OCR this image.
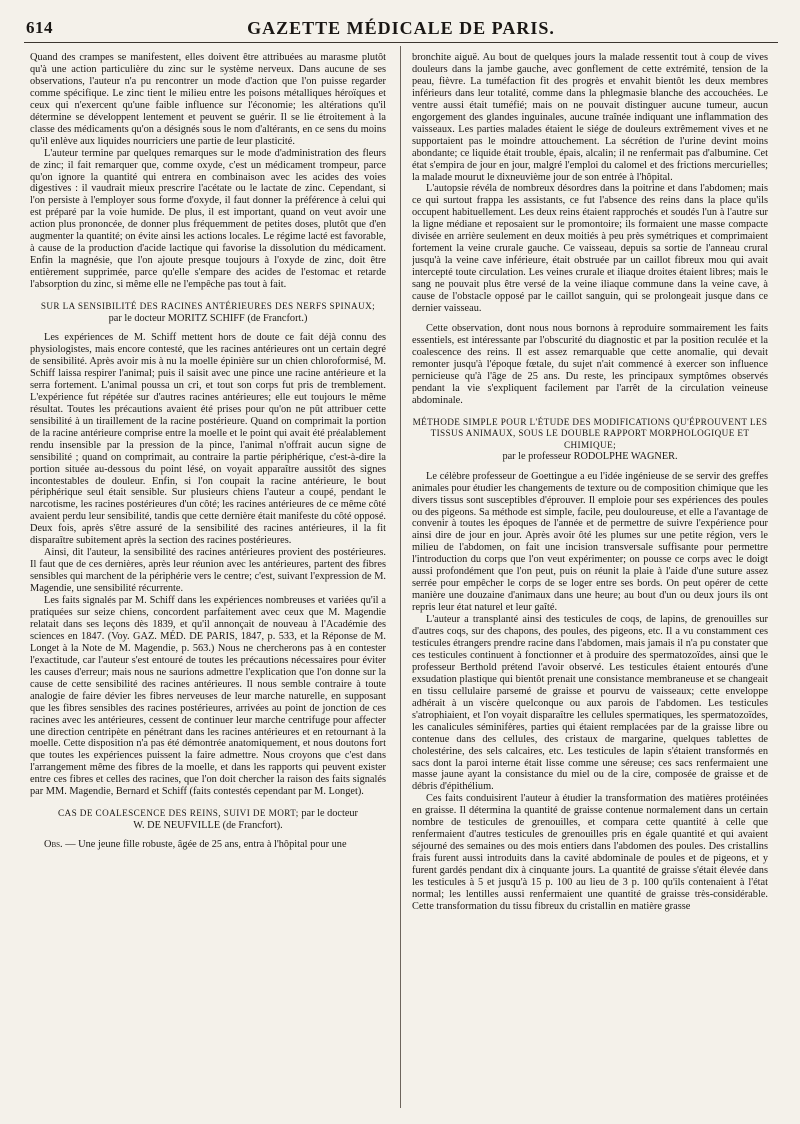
614	GAZETTE MÉDICALE DE PARIS.

Quand des crampes se manifestent, elles doivent être attribuées au marasme plutôt qu'à une action particulière du zinc sur le système nerveux. Dans aucune de ses observations, l'auteur n'a pu rencontrer un mode d'action que l'on puisse regarder comme spécifique. Le zinc tient le milieu entre les poisons métalliques héroïques et ceux qui n'exercent qu'une faible influence sur l'économie; les altérations qu'il détermine se développent lentement et peuvent se guérir. Il se lie étroitement à la classe des médicaments qu'on a désignés sous le nom d'altérants, en ce sens du moins qu'il enlève aux liquides nourriciers une partie de leur plasticité.

L'auteur termine par quelques remarques sur le mode d'administration des fleurs de zinc; il fait remarquer que, comme oxyde, c'est un médicament trompeur, parce qu'on ignore la quantité qui entrera en combinaison avec les acides des voies digestives : il vaudrait mieux prescrire l'acétate ou le lactate de zinc. Cependant, si l'on persiste à l'employer sous forme d'oxyde, il faut donner la préférence à celui qui est préparé par la voie humide. De plus, il est important, quand on veut avoir une action plus prononcée, de donner plus fréquemment de petites doses, plutôt que d'en augmenter la quantité; on évite ainsi les actions locales. Le régime lacté est favorable, à cause de la production d'acide lactique qui favorise la dissolution du médicament. Enfin la magnésie, que l'on ajoute presque toujours à l'oxyde de zinc, doit être entièrement supprimée, parce qu'elle s'empare des acides de l'estomac et retarde l'absorption du zinc, si même elle ne l'empêche pas tout à fait.

SUR LA SENSIBILITÉ DES RACINES ANTÉRIEURES DES NERFS SPINAUX;
par le docteur MORITZ SCHIFF (de Francfort.)

Les expériences de M. Schiff mettent hors de doute ce fait déjà connu des physiologistes, mais encore contesté, que les racines antérieures ont un certain degré de sensibilité. Après avoir mis à nu la moelle épinière sur un chien chloroformisé, M. Schiff laissa respirer l'animal; puis il saisit avec une pince une racine antérieure et la serra fortement. L'animal poussa un cri, et tout son corps fut pris de tremblement. L'expérience fut répétée sur d'autres racines antérieures; elle eut toujours le même résultat. Toutes les précautions avaient été prises pour qu'on ne pût attribuer cette sensibilité à un tiraillement de la racine postérieure. Quand on comprimait la portion de la racine antérieure comprise entre la moelle et le point qui avait été préalablement rendu insensible par la pression de la pince, l'animal n'offrait aucun signe de sensibilité ; quand on comprimait, au contraire la partie périphérique, c'est-à-dire la portion située au-dessous du point lésé, on voyait apparaître aussitôt des signes incontestables de douleur. Enfin, si l'on coupait la racine antérieure, le bout périphérique seul était sensible. Sur plusieurs chiens l'auteur a coupé, pendant le narcotisme, les racines postérieures d'un côté; les racines antérieures de ce même côté avaient perdu leur sensibilité, tandis que cette dernière était manifeste du côté opposé. Deux fois, après s'être assuré de la sensibilité des racines antérieures, il la fit disparaître subitement après la section des racines postérieures.

Ainsi, dit l'auteur, la sensibilité des racines antérieures provient des postérieures. Il faut que de ces dernières, après leur réunion avec les antérieures, partent des fibres sensibles qui marchent de la périphérie vers le centre; c'est, suivant l'expression de M. Magendie, une sensibilité récurrente.

Les faits signalés par M. Schiff dans les expériences nombreuses et variées qu'il a pratiquées sur seize chiens, concordent parfaitement avec ceux que M. Magendie relatait dans ses leçons dès 1839, et qu'il annonçait de nouveau à l'Académie des sciences en 1847. (Voy. GAZ. MÉD. DE PARIS, 1847, p. 533, et la Réponse de M. Longet à la Note de M. Magendie, p. 563.) Nous ne chercherons pas à en contester l'exactitude, car l'auteur s'est entouré de toutes les précautions nécessaires pour éviter les causes d'erreur; mais nous ne saurions admettre l'explication que l'on donne sur la cause de cette sensibilité des racines antérieures. Il nous semble contraire à toute analogie de faire dévier les fibres nerveuses de leur marche naturelle, en supposant que les fibres sensibles des racines postérieures, arrivées au point de jonction de ces racines avec les antérieures, cessent de continuer leur marche centrifuge pour affecter une direction centripète en pénétrant dans les racines antérieures et en retournant à la moelle. Cette disposition n'a pas été démontrée anatomiquement, et nous doutons fort que toutes les expériences puissent la faire admettre. Nous croyons que c'est dans l'arrangement même des fibres de la moelle, et dans les rapports qui peuvent exister entre ces fibres et celles des racines, que l'on doit chercher la raison des faits signalés par MM. Magendie, Bernard et Schiff (faits contestés cependant par M. Longet).

CAS DE COALESCENCE DES REINS, SUIVI DE MORT; par le docteur
W. DE NEUFVILLE (de Francfort).

Obs. — Une jeune fille robuste, âgée de 25 ans, entra à l'hôpital pour une

bronchite aiguë. Au bout de quelques jours la malade ressentit tout à coup de vives douleurs dans la jambe gauche, avec gonflement de cette extrémité, tension de la peau, fièvre. La tuméfaction fit des progrès et envahit bientôt les deux membres inférieurs dans leur totalité, comme dans la phlegmasie blanche des accouchées. Le ventre aussi était tuméfié; mais on ne pouvait distinguer aucune tumeur, aucun engorgement des glandes inguinales, aucune traînée indiquant une inflammation des vaisseaux. Les parties malades étaient le siége de douleurs extrêmement vives et ne supportaient pas le moindre attouchement. La sécrétion de l'urine devint moins abondante; ce liquide était trouble, épais, alcalin; il ne renfermait pas d'albumine. Cet état s'empira de jour en jour, malgré l'emploi du calomel et des frictions mercurielles; la malade mourut le dixneuvième jour de son entrée à l'hôpital.

L'autopsie révéla de nombreux désordres dans la poitrine et dans l'abdomen; mais ce qui surtout frappa les assistants, ce fut l'absence des reins dans la place qu'ils occupent habituellement. Les deux reins étaient rapprochés et soudés l'un à l'autre sur la ligne médiane et reposaient sur le promontoire; ils formaient une masse compacte divisée en arrière seulement en deux moitiés à peu près symétriques et comprimaient fortement la veine crurale gauche. Ce vaisseau, depuis sa sortie de l'anneau crural jusqu'à la veine cave inférieure, était obstruée par un caillot fibreux mou qui avait intercepté toute circulation. Les veines crurale et iliaque droites étaient libres; mais le sang ne pouvait plus être versé de la veine iliaque commune dans la veine cave, à cause de l'obstacle opposé par le caillot sanguin, qui se prolongeait jusque dans ce dernier vaisseau.

Cette observation, dont nous nous bornons à reproduire sommairement les faits essentiels, est intéressante par l'obscurité du diagnostic et par la position reculée et la coalescence des reins. Il est assez remarquable que cette anomalie, qui devait remonter jusqu'à l'époque fœtale, du sujet n'ait commencé à exercer son influence pernicieuse qu'à l'âge de 25 ans. Du reste, les principaux symptômes observés pendant la vie s'expliquent facilement par l'arrêt de la circulation veineuse abdominale.

MÉTHODE SIMPLE POUR L'ÉTUDE DES MODIFICATIONS QU'ÉPROUVENT LES TISSUS ANIMAUX, SOUS LE DOUBLE RAPPORT MORPHOLOGIQUE ET CHIMIQUE;
par le professeur RODOLPHE WAGNER.

Le célèbre professeur de Goettingue a eu l'idée ingénieuse de se servir des greffes animales pour étudier les changements de texture ou de composition chimique que les divers tissus sont susceptibles d'éprouver. Il emploie pour ses expériences des poules ou des pigeons. Sa méthode est simple, facile, peu douloureuse, et elle a l'avantage de convenir à toutes les époques de l'année et de permettre de suivre l'expérience pour ainsi dire de jour en jour. Après avoir ôté les plumes sur une petite région, vers le milieu de l'abdomen, on fait une incision transversale suffisante pour permettre l'introduction du corps que l'on veut expérimenter; on pousse ce corps avec le doigt aussi profondément que l'on peut, puis on réunit la plaie à l'aide d'une suture assez serrée pour empêcher le corps de se loger entre ses bords. On peut opérer de cette manière une douzaine d'animaux dans une heure; au bout d'un ou deux jours ils ont repris leur état naturel et leur gaîté.

L'auteur a transplanté ainsi des testicules de coqs, de lapins, de grenouilles sur d'autres coqs, sur des chapons, des poules, des pigeons, etc. Il a vu constamment ces testicules étrangers prendre racine dans l'abdomen, mais jamais il n'a pu constater que ces testicules continuent à fonctionner et à produire des spermatozoïdes, ainsi que le professeur Berthold prétend l'avoir observé. Les testicules étaient entourés d'une exsudation plastique qui bientôt prenait une consistance membraneuse et se changeait en tissu cellulaire parsemé de graisse et pourvu de vaisseaux; cette enveloppe adhérait à un viscère quelconque ou aux parois de l'abdomen. Les testicules s'atrophiaient, et l'on voyait disparaître les cellules spermatiques, les spermatozoïdes, les canalicules séminifères, parties qui étaient remplacées par de la graisse libre ou contenue dans des cellules, des cristaux de margarine, quelques tablettes de cholestérine, des sels calcaires, etc. Les testicules de lapin s'étaient transformés en sacs dont la paroi interne était lisse comme une séreuse; ces sacs renfermaient une masse jaune ayant la consistance du miel ou de la cire, composée de graisse et de débris d'épithélium.

Ces faits conduisirent l'auteur à étudier la transformation des matières protéinées en graisse. Il détermina la quantité de graisse contenue normalement dans un certain nombre de testicules de grenouilles, et compara cette quantité à celle que renfermaient d'autres testicules de grenouilles pris en égale quantité et qui avaient séjourné des semaines ou des mois entiers dans l'abdomen des poules. Des cristallins frais furent aussi introduits dans la cavité abdominale de poules et de pigeons, et y furent gardés pendant dix à cinquante jours. La quantité de graisse s'était élevée dans les testicules à 5 et jusqu'à 15 p. 100 au lieu de 3 p. 100 qu'ils contenaient à l'état normal; les lentilles aussi renfermaient une quantité de graisse très-considérable. Cette transformation du tissu fibreux du cristallin en matière grasse
